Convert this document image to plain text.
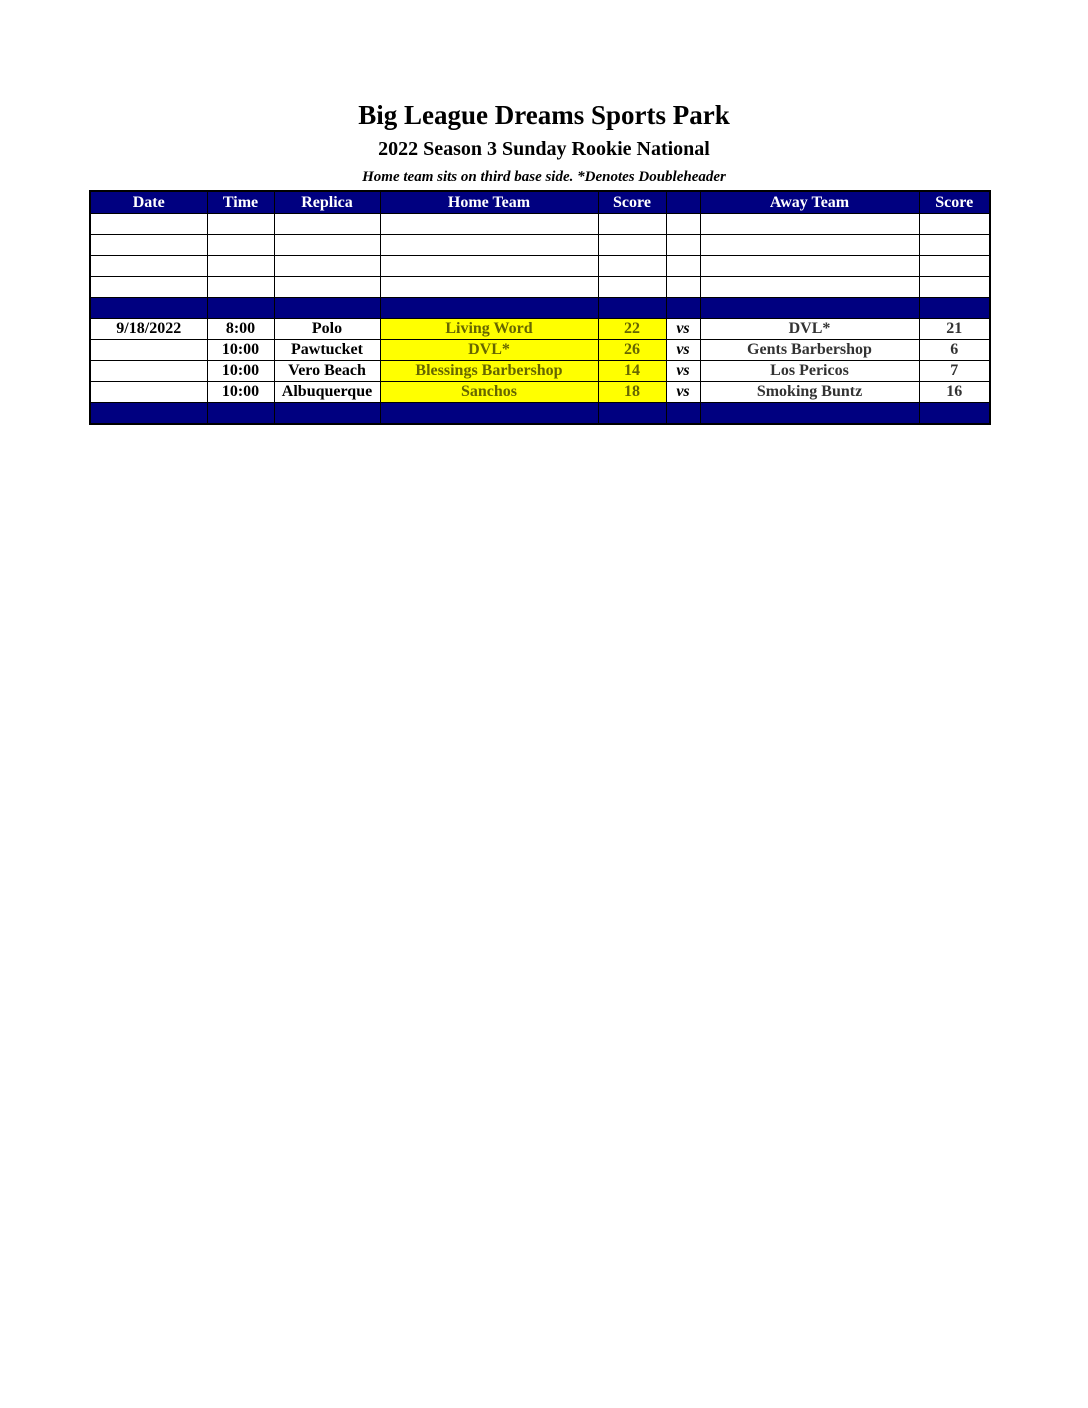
Big League Dreams Sports Park
2022 Season 3 Sunday Rookie National
Home team sits on third base side. *Denotes Doubleheader
Date	Time	Replica	Home Team	Score		Away Team	Score

9/18/2022	8:00	Polo	Living Word	22	vs	DVL*	21
	10:00	Pawtucket	DVL*	26	vs	Gents Barbershop	6
	10:00	Vero Beach	Blessings Barbershop	14	vs	Los Pericos	7
	10:00	Albuquerque	Sanchos	18	vs	Smoking Buntz	16
